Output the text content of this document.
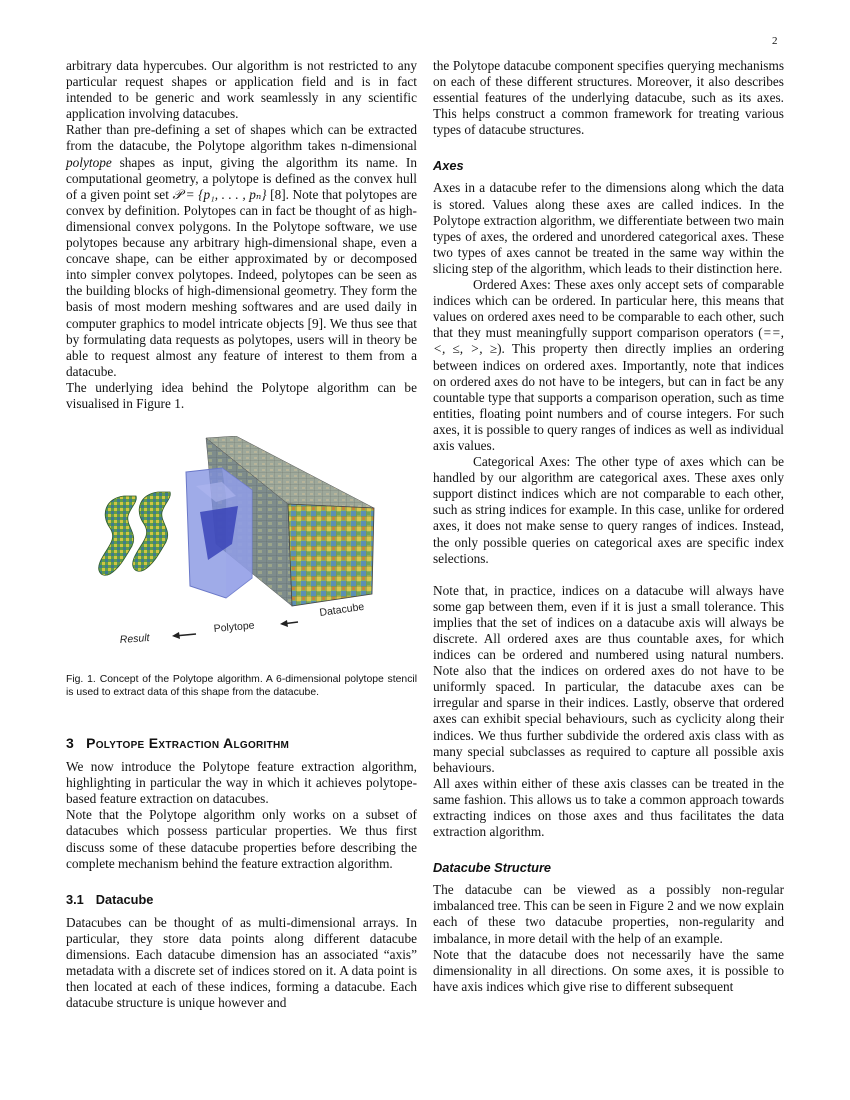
2

arbitrary data hypercubes. Our algorithm is not restricted to any particular request shapes or application field and is in fact intended to be generic and work seamlessly in any scientific application involving datacubes.

Rather than pre-defining a set of shapes which can be extracted from the datacube, the Polytope algorithm takes n-dimensional polytope shapes as input, giving the algorithm its name. In computational geometry, a polytope is defined as the convex hull of a given point set 𝒫 = {p₁, . . . , pₙ} [8]. Note that polytopes are convex by definition. Polytopes can in fact be thought of as high-dimensional convex polygons. In the Polytope software, we use polytopes because any arbitrary high-dimensional shape, even a concave shape, can be either approximated by or decomposed into simpler convex polytopes. Indeed, polytopes can be seen as the building blocks of high-dimensional geometry. They form the basis of most modern meshing softwares and are used daily in computer graphics to model intricate objects [9]. We thus see that by formulating data requests as polytopes, users will in theory be able to request almost any feature of interest to them from a datacube.

The underlying idea behind the Polytope algorithm can be visualised in Figure 1.

Datacube
Polytope
Result

Fig. 1. Concept of the Polytope algorithm. A 6-dimensional polytope stencil is used to extract data of this shape from the datacube.

3 Polytope Extraction Algorithm

We now introduce the Polytope feature extraction algorithm, highlighting in particular the way in which it achieves polytope-based feature extraction on datacubes.

Note that the Polytope algorithm only works on a subset of datacubes which possess particular properties. We thus first discuss some of these datacube properties before describing the complete mechanism behind the feature extraction algorithm.

3.1 Datacube

Datacubes can be thought of as multi-dimensional arrays. In particular, they store data points along different datacube dimensions. Each datacube dimension has an associated “axis” metadata with a discrete set of indices stored on it. A data point is then located at each of these indices, forming a datacube. Each datacube structure is unique however and

the Polytope datacube component specifies querying mechanisms on each of these different structures. Moreover, it also describes essential features of the underlying datacube, such as its axes. This helps construct a common framework for treating various types of datacube structures.

Axes

Axes in a datacube refer to the dimensions along which the data is stored. Values along these axes are called indices. In the Polytope extraction algorithm, we differentiate between two main types of axes, the ordered and unordered categorical axes. These two types of axes cannot be treated in the same way within the slicing step of the algorithm, which leads to their distinction here.

Ordered Axes: These axes only accept sets of comparable indices which can be ordered. In particular here, this means that values on ordered axes need to be comparable to each other, such that they must meaningfully support comparison operators (==, <, ≤, >, ≥). This property then directly implies an ordering between indices on ordered axes. Importantly, note that indices on ordered axes do not have to be integers, but can in fact be any countable type that supports a comparison operation, such as time entities, floating point numbers and of course integers. For such axes, it is possible to query ranges of indices as well as individual axis values.

Categorical Axes: The other type of axes which can be handled by our algorithm are categorical axes. These axes only support distinct indices which are not comparable to each other, such as string indices for example. In this case, unlike for ordered axes, it does not make sense to query ranges of indices. Instead, the only possible queries on categorical axes are specific index selections.

Note that, in practice, indices on a datacube will always have some gap between them, even if it is just a small tolerance. This implies that the set of indices on a datacube axis will always be discrete. All ordered axes are thus countable axes, for which indices can be ordered and numbered using natural numbers. Note also that the indices on ordered axes do not have to be uniformly spaced. In particular, the datacube axes can be irregular and sparse in their indices. Lastly, observe that ordered axes can exhibit special behaviours, such as cyclicity along their indices. We thus further subdivide the ordered axis class with as many special subclasses as required to capture all possible axis behaviours.

All axes within either of these axis classes can be treated in the same fashion. This allows us to take a common approach towards extracting indices on those axes and thus facilitates the data extraction algorithm.

Datacube Structure

The datacube can be viewed as a possibly non-regular imbalanced tree. This can be seen in Figure 2 and we now explain each of these two datacube properties, non-regularity and imbalance, in more detail with the help of an example.

Note that the datacube does not necessarily have the same dimensionality in all directions. On some axes, it is possible to have axis indices which give rise to different subsequent
